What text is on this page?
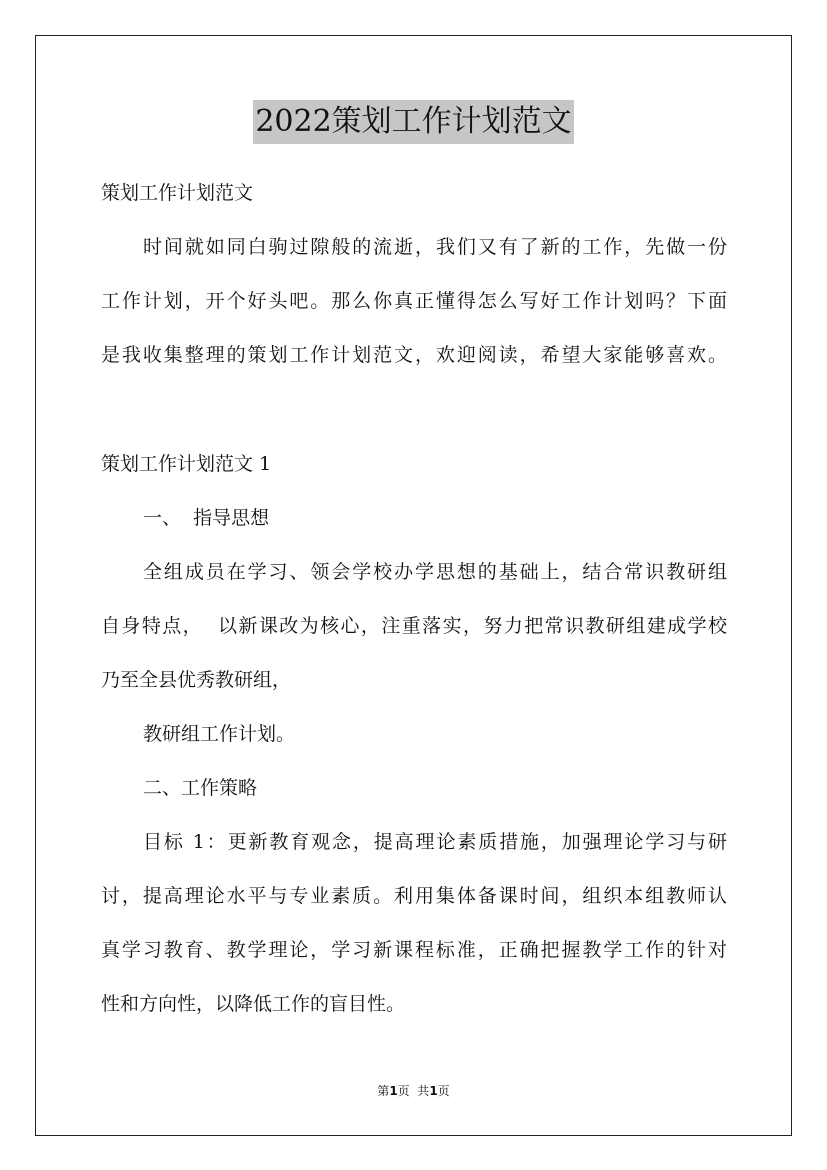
2022策划工作计划范文
策划工作计划范文
时间就如同白驹过隙般的流逝，我们又有了新的工作，先做一份
工作计划，开个好头吧。那么你真正懂得怎么写好工作计划吗？下面
是我收集整理的策划工作计划范文，欢迎阅读，希望大家能够喜欢。
策划工作计划范文 1
一、  指导思想
全组成员在学习、领会学校办学思想的基础上，结合常识教研组
自身特点，  以新课改为核心，注重落实，努力把常识教研组建成学校
乃至全县优秀教研组，
教研组工作计划。
二、工作策略
目标 1：更新教育观念，提高理论素质措施，加强理论学习与研
讨，提高理论水平与专业素质。利用集体备课时间，组织本组教师认
真学习教育、教学理论，学习新课程标准，正确把握教学工作的针对
性和方向性，以降低工作的盲目性。
第1页  共1页
